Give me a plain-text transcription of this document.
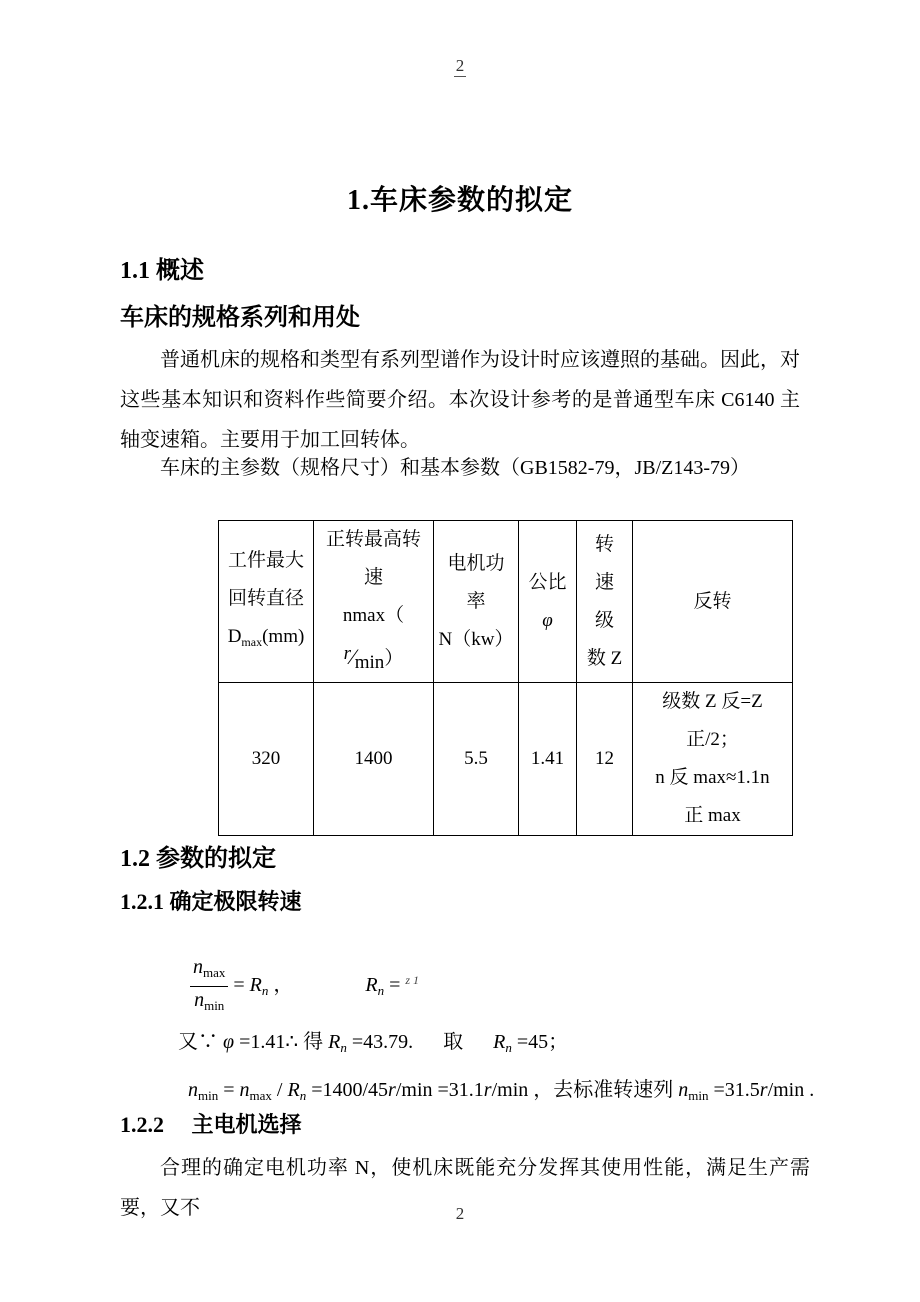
2
1.车床参数的拟定
1.1 概述
车床的规格系列和用处
普通机床的规格和类型有系列型谱作为设计时应该遵照的基础。因此，对这些基本知识和资料作些简要介绍。本次设计参考的是普通型车床 C6140 主轴变速箱。主要用于加工回转体。
车床的主参数（规格尺寸）和基本参数（GB1582-79，JB/Z143-79）
工件最大
回转直径
$D_{max}(mm)$	正转最高转
速
nmax（
r⁄min）	电机功
率
N（kw）	公比
φ	转
速
级
数 Z	反转
320	1400	5.5	1.41	12	级数 Z 反=Z 正/2；
n 反 max≈1.1n
正 max
1.2 参数的拟定
1.2.1 确定极限转速

$\frac{n_{max}}{n_{min}} = R_n$ ，	$R_n = ^{z 1}$

又∵ φ =1.41∴ 得 $R_n =43.79$.      取      $R_n =45$；

$n_{min} = n_{max} / R_n =1400/45r/\min =31.1r/\min$ ，去标准转速列 $n_{min} =31.5r/\min$ .

1.2.2　 主电机选择
合理的确定电机功率 N，使机床既能充分发挥其使用性能，满足生产需要，又不	2
